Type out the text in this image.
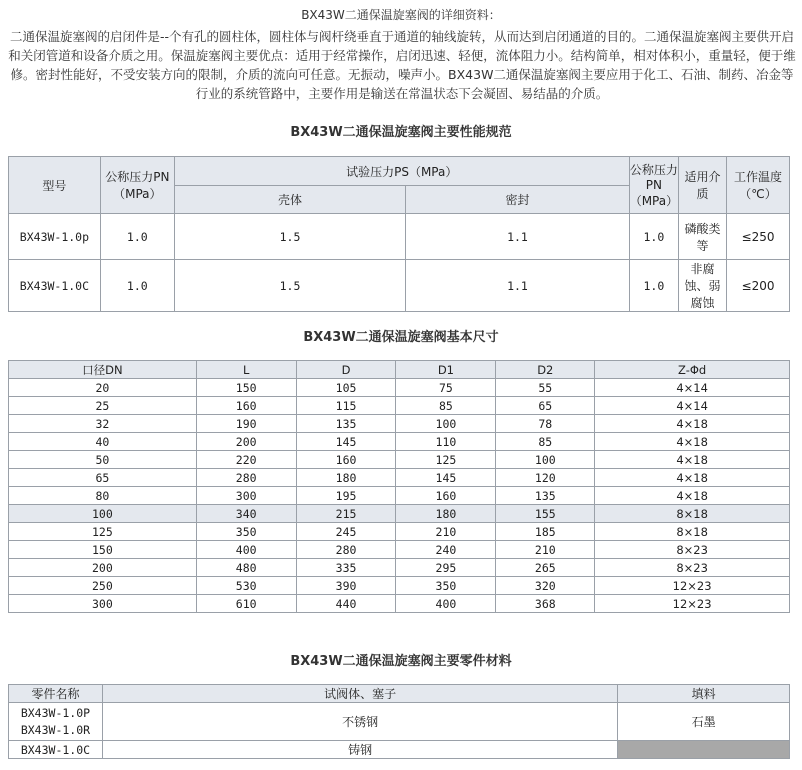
BX43W二通保温旋塞阀的详细资料：

二通保温旋塞阀的启闭件是--个有孔的圆柱体，圆柱体与阀杆绕垂直于通道的轴线旋转，从而达到启闭通道的目的。二通保温旋塞阀主要供开启和关闭管道和设备介质之用。保温旋塞阀主要优点：适用于经常操作，启闭迅速、轻便，流体阻力小。结构简单，相对体积小，重量轻，便于维修。密封性能好，不受安装方向的限制，介质的流向可任意。无振动，噪声小。BX43W二通保温旋塞阀主要应用于化工、石油、制药、冶金等行业的系统管路中，主要作用是输送在常温状态下会凝固、易结晶的介质。

BX43W二通保温旋塞阀主要性能规范
型号	公称压力PN（MPa）	试验压力PS（MPa）		公称压力PN（MPa）	适用介质	工作温度（℃）
		壳体	密封			
BX43W-1.0p	1.0	1.5	1.1	1.0	磷酸类等	≤250
BX43W-1.0C	1.0	1.5	1.1	1.0	非腐蚀、弱腐蚀	≤200
BX43W二通保温旋塞阀基本尺寸
口径DN	L	D	D1	D2	Z-Φd
20	150	105	75	55	4×14
25	160	115	85	65	4×14
32	190	135	100	78	4×18
40	200	145	110	85	4×18
50	220	160	125	100	4×18
65	280	180	145	120	4×18
80	300	195	160	135	4×18
100	340	215	180	155	8×18
125	350	245	210	185	8×18
150	400	280	240	210	8×23
200	480	335	295	265	8×23
250	530	390	350	320	12×23
300	610	440	400	368	12×23
BX43W二通保温旋塞阀主要零件材料
零件名称	试阀体、塞子	填料

BX43W-1.0P
BX43W-1.0R	不锈钢	石墨
BX43W-1.0C	铸钢	
